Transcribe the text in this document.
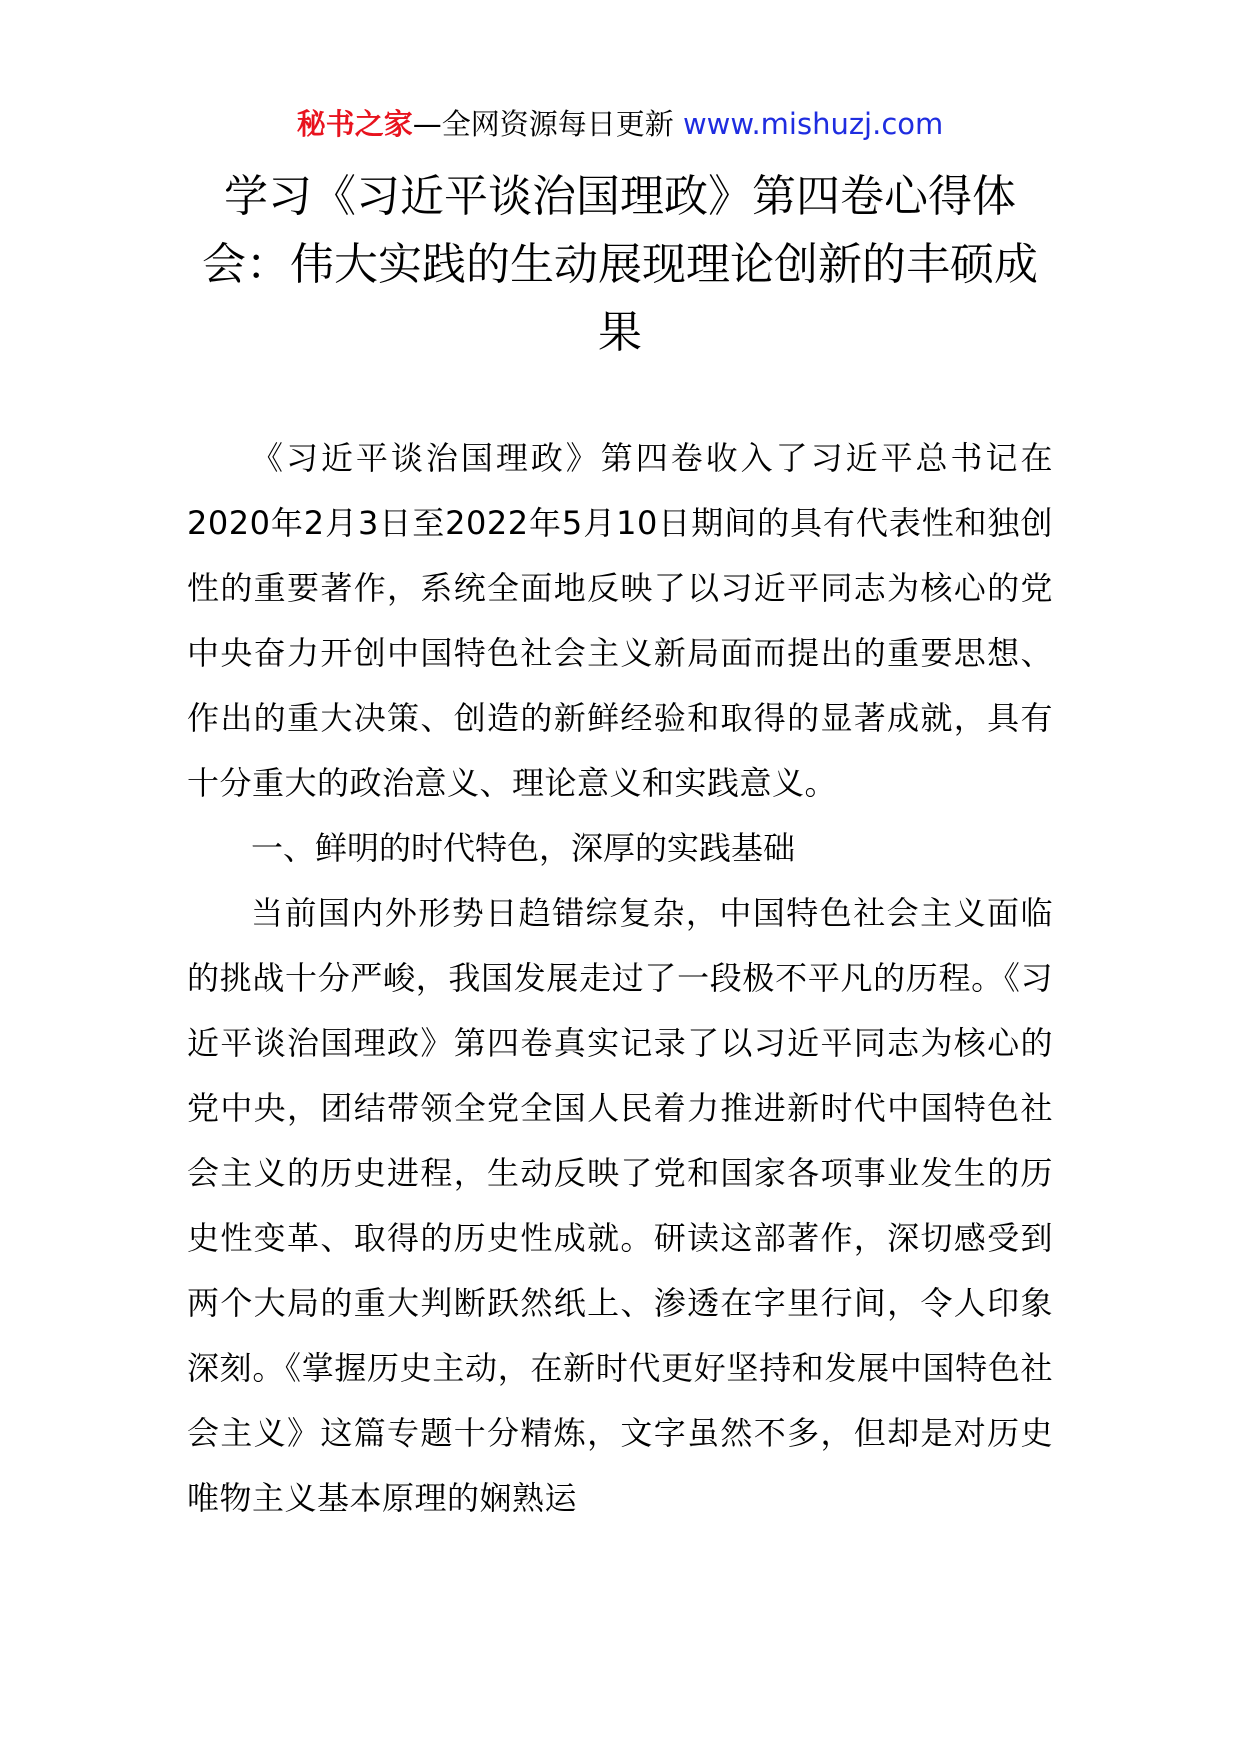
秘书之家—全网资源每日更新 www.mishuzj.com
学习《习近平谈治国理政》第四卷心得体会：伟大实践的生动展现理论创新的丰硕成果

《习近平谈治国理政》第四卷收入了习近平总书记在2020年2月3日至2022年5月10日期间的具有代表性和独创性的重要著作，系统全面地反映了以习近平同志为核心的党中央奋力开创中国特色社会主义新局面而提出的重要思想、作出的重大决策、创造的新鲜经验和取得的显著成就，具有十分重大的政治意义、理论意义和实践意义。

一、鲜明的时代特色，深厚的实践基础

当前国内外形势日趋错综复杂，中国特色社会主义面临的挑战十分严峻，我国发展走过了一段极不平凡的历程。《习近平谈治国理政》第四卷真实记录了以习近平同志为核心的党中央，团结带领全党全国人民着力推进新时代中国特色社会主义的历史进程，生动反映了党和国家各项事业发生的历史性变革、取得的历史性成就。研读这部著作，深切感受到两个大局的重大判断跃然纸上、渗透在字里行间，令人印象深刻。《掌握历史主动，在新时代更好坚持和发展中国特色社会主义》这篇专题十分精炼，文字虽然不多，但却是对历史唯物主义基本原理的娴熟运
